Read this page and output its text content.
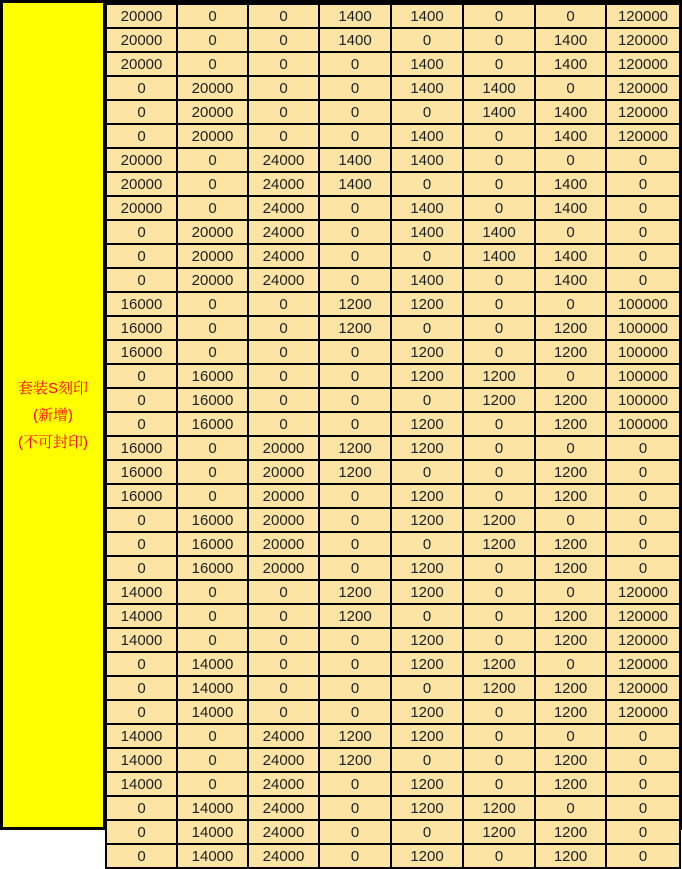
套装S刻印
(新增)
(不可封印)
20000	0	0	1400	1400	0	0	120000
20000	0	0	1400	0	0	1400	120000
20000	0	0	0	1400	0	1400	120000
0	20000	0	0	1400	1400	0	120000
0	20000	0	0	0	1400	1400	120000
0	20000	0	0	1400	0	1400	120000
20000	0	24000	1400	1400	0	0	0
20000	0	24000	1400	0	0	1400	0
20000	0	24000	0	1400	0	1400	0
0	20000	24000	0	1400	1400	0	0
0	20000	24000	0	0	1400	1400	0
0	20000	24000	0	1400	0	1400	0
16000	0	0	1200	1200	0	0	100000
16000	0	0	1200	0	0	1200	100000
16000	0	0	0	1200	0	1200	100000
0	16000	0	0	1200	1200	0	100000
0	16000	0	0	0	1200	1200	100000
0	16000	0	0	1200	0	1200	100000
16000	0	20000	1200	1200	0	0	0
16000	0	20000	1200	0	0	1200	0
16000	0	20000	0	1200	0	1200	0
0	16000	20000	0	1200	1200	0	0
0	16000	20000	0	0	1200	1200	0
0	16000	20000	0	1200	0	1200	0
14000	0	0	1200	1200	0	0	120000
14000	0	0	1200	0	0	1200	120000
14000	0	0	0	1200	0	1200	120000
0	14000	0	0	1200	1200	0	120000
0	14000	0	0	0	1200	1200	120000
0	14000	0	0	1200	0	1200	120000
14000	0	24000	1200	1200	0	0	0
14000	0	24000	1200	0	0	1200	0
14000	0	24000	0	1200	0	1200	0
0	14000	24000	0	1200	1200	0	0
0	14000	24000	0	0	1200	1200	0
0	14000	24000	0	1200	0	1200	0
